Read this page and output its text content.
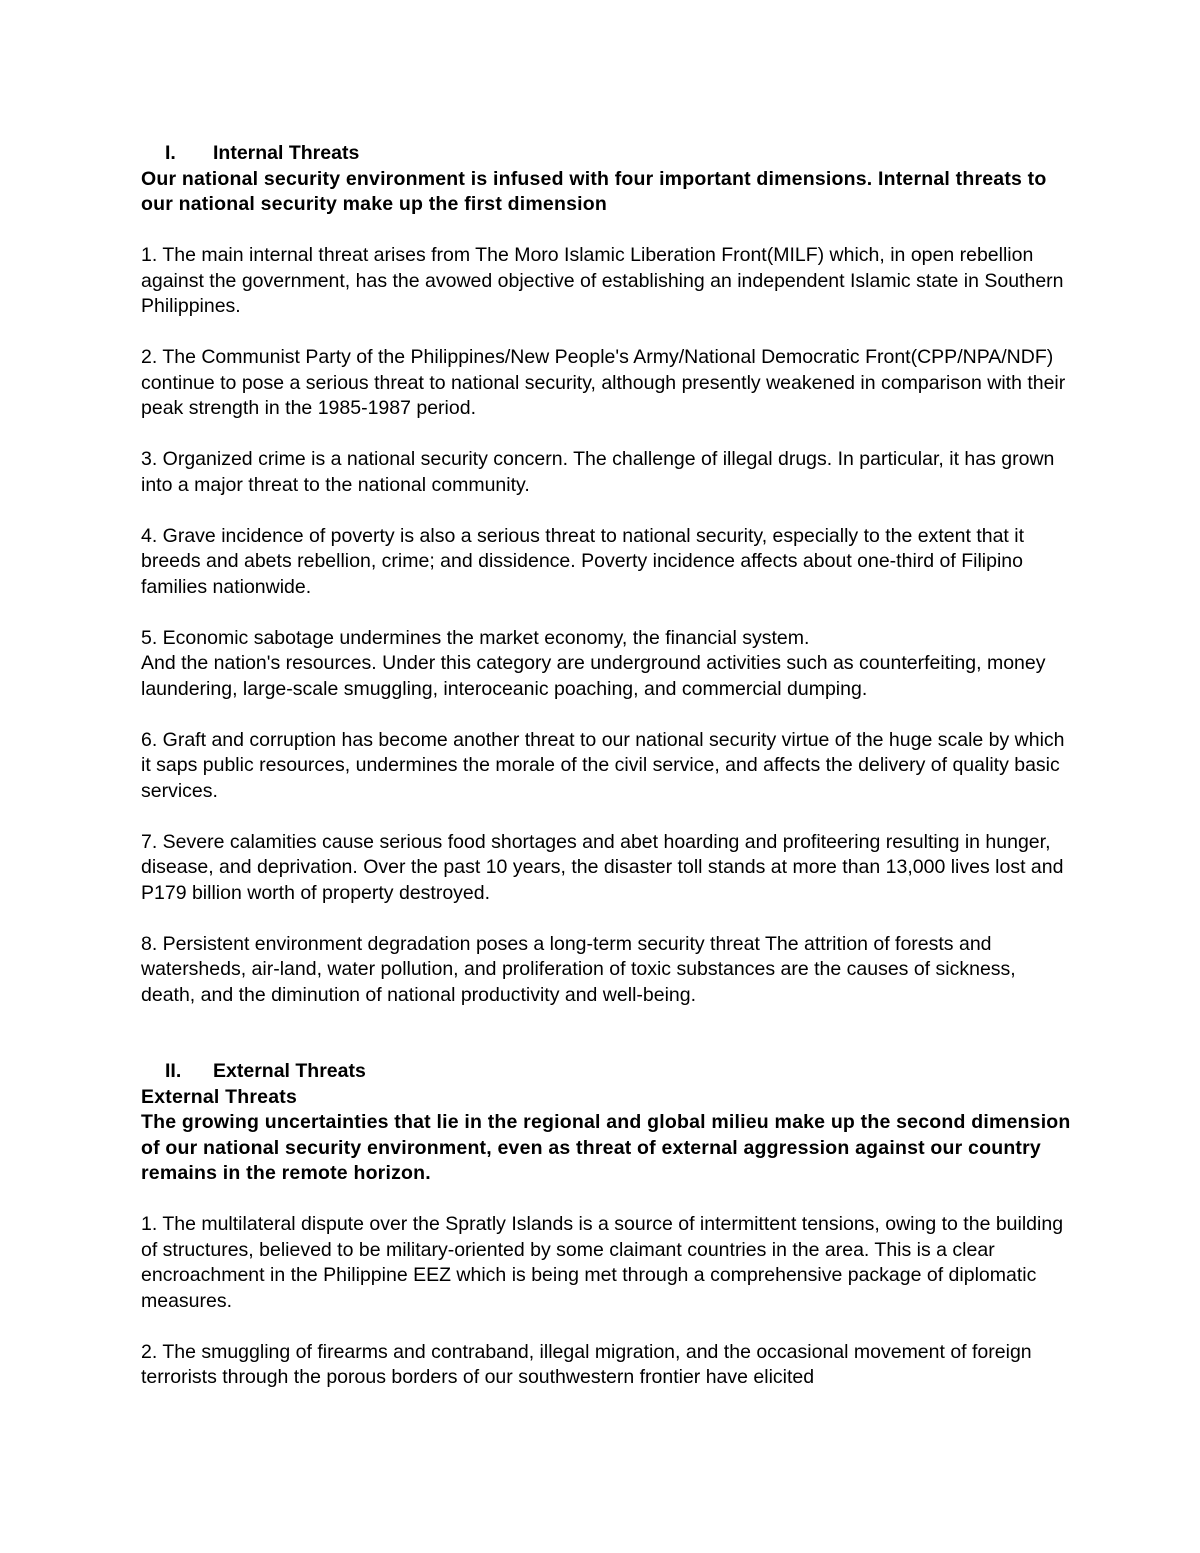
I.	Internal Threats
Our national security environment is infused with four important dimensions. Internal threats to our national security make up the first dimension
1. The main internal threat arises from The Moro Islamic Liberation Front(MILF) which, in open rebellion against the government, has the avowed objective of establishing an independent Islamic state in Southern Philippines.
2. The Communist Party of the Philippines/New People's Army/National Democratic Front(CPP/NPA/NDF) continue to pose a serious threat to national security, although presently weakened in comparison with their peak strength in the 1985-1987 period.
3. Organized crime is a national security concern. The challenge of illegal drugs. In particular, it has grown into a major threat to the national community.
4. Grave incidence of poverty is also a serious threat to national security, especially to the extent that it breeds and abets rebellion, crime; and dissidence. Poverty incidence affects about one-third of Filipino families nationwide.
5. Economic sabotage undermines the market economy, the financial system.
And the nation's resources. Under this category are underground activities such as counterfeiting, money laundering, large-scale smuggling, interoceanic poaching, and commercial dumping.
6. Graft and corruption has become another threat to our national security virtue of the huge scale by which it saps public resources, undermines the morale of the civil service, and affects the delivery of quality basic services.
7. Severe calamities cause serious food shortages and abet hoarding and profiteering resulting in hunger, disease, and deprivation. Over the past 10 years, the disaster toll stands at more than 13,000 lives lost and P179 billion worth of property destroyed.
8. Persistent environment degradation poses a long-term security threat The attrition of forests and watersheds, air-land, water pollution, and proliferation of toxic substances are the causes of sickness, death, and the diminution of national productivity and well-being.
II.	External Threats
External Threats
The growing uncertainties that lie in the regional and global milieu make up the second dimension of our national security environment, even as threat of external aggression against our country remains in the remote horizon.
1. The multilateral dispute over the Spratly Islands is a source of intermittent tensions, owing to the building of structures, believed to be military-oriented by some claimant countries in the area. This is a clear encroachment in the Philippine EEZ which is being met through a comprehensive package of diplomatic measures.
2. The smuggling of firearms and contraband, illegal migration, and the occasional movement of foreign terrorists through the porous borders of our southwestern frontier have elicited
